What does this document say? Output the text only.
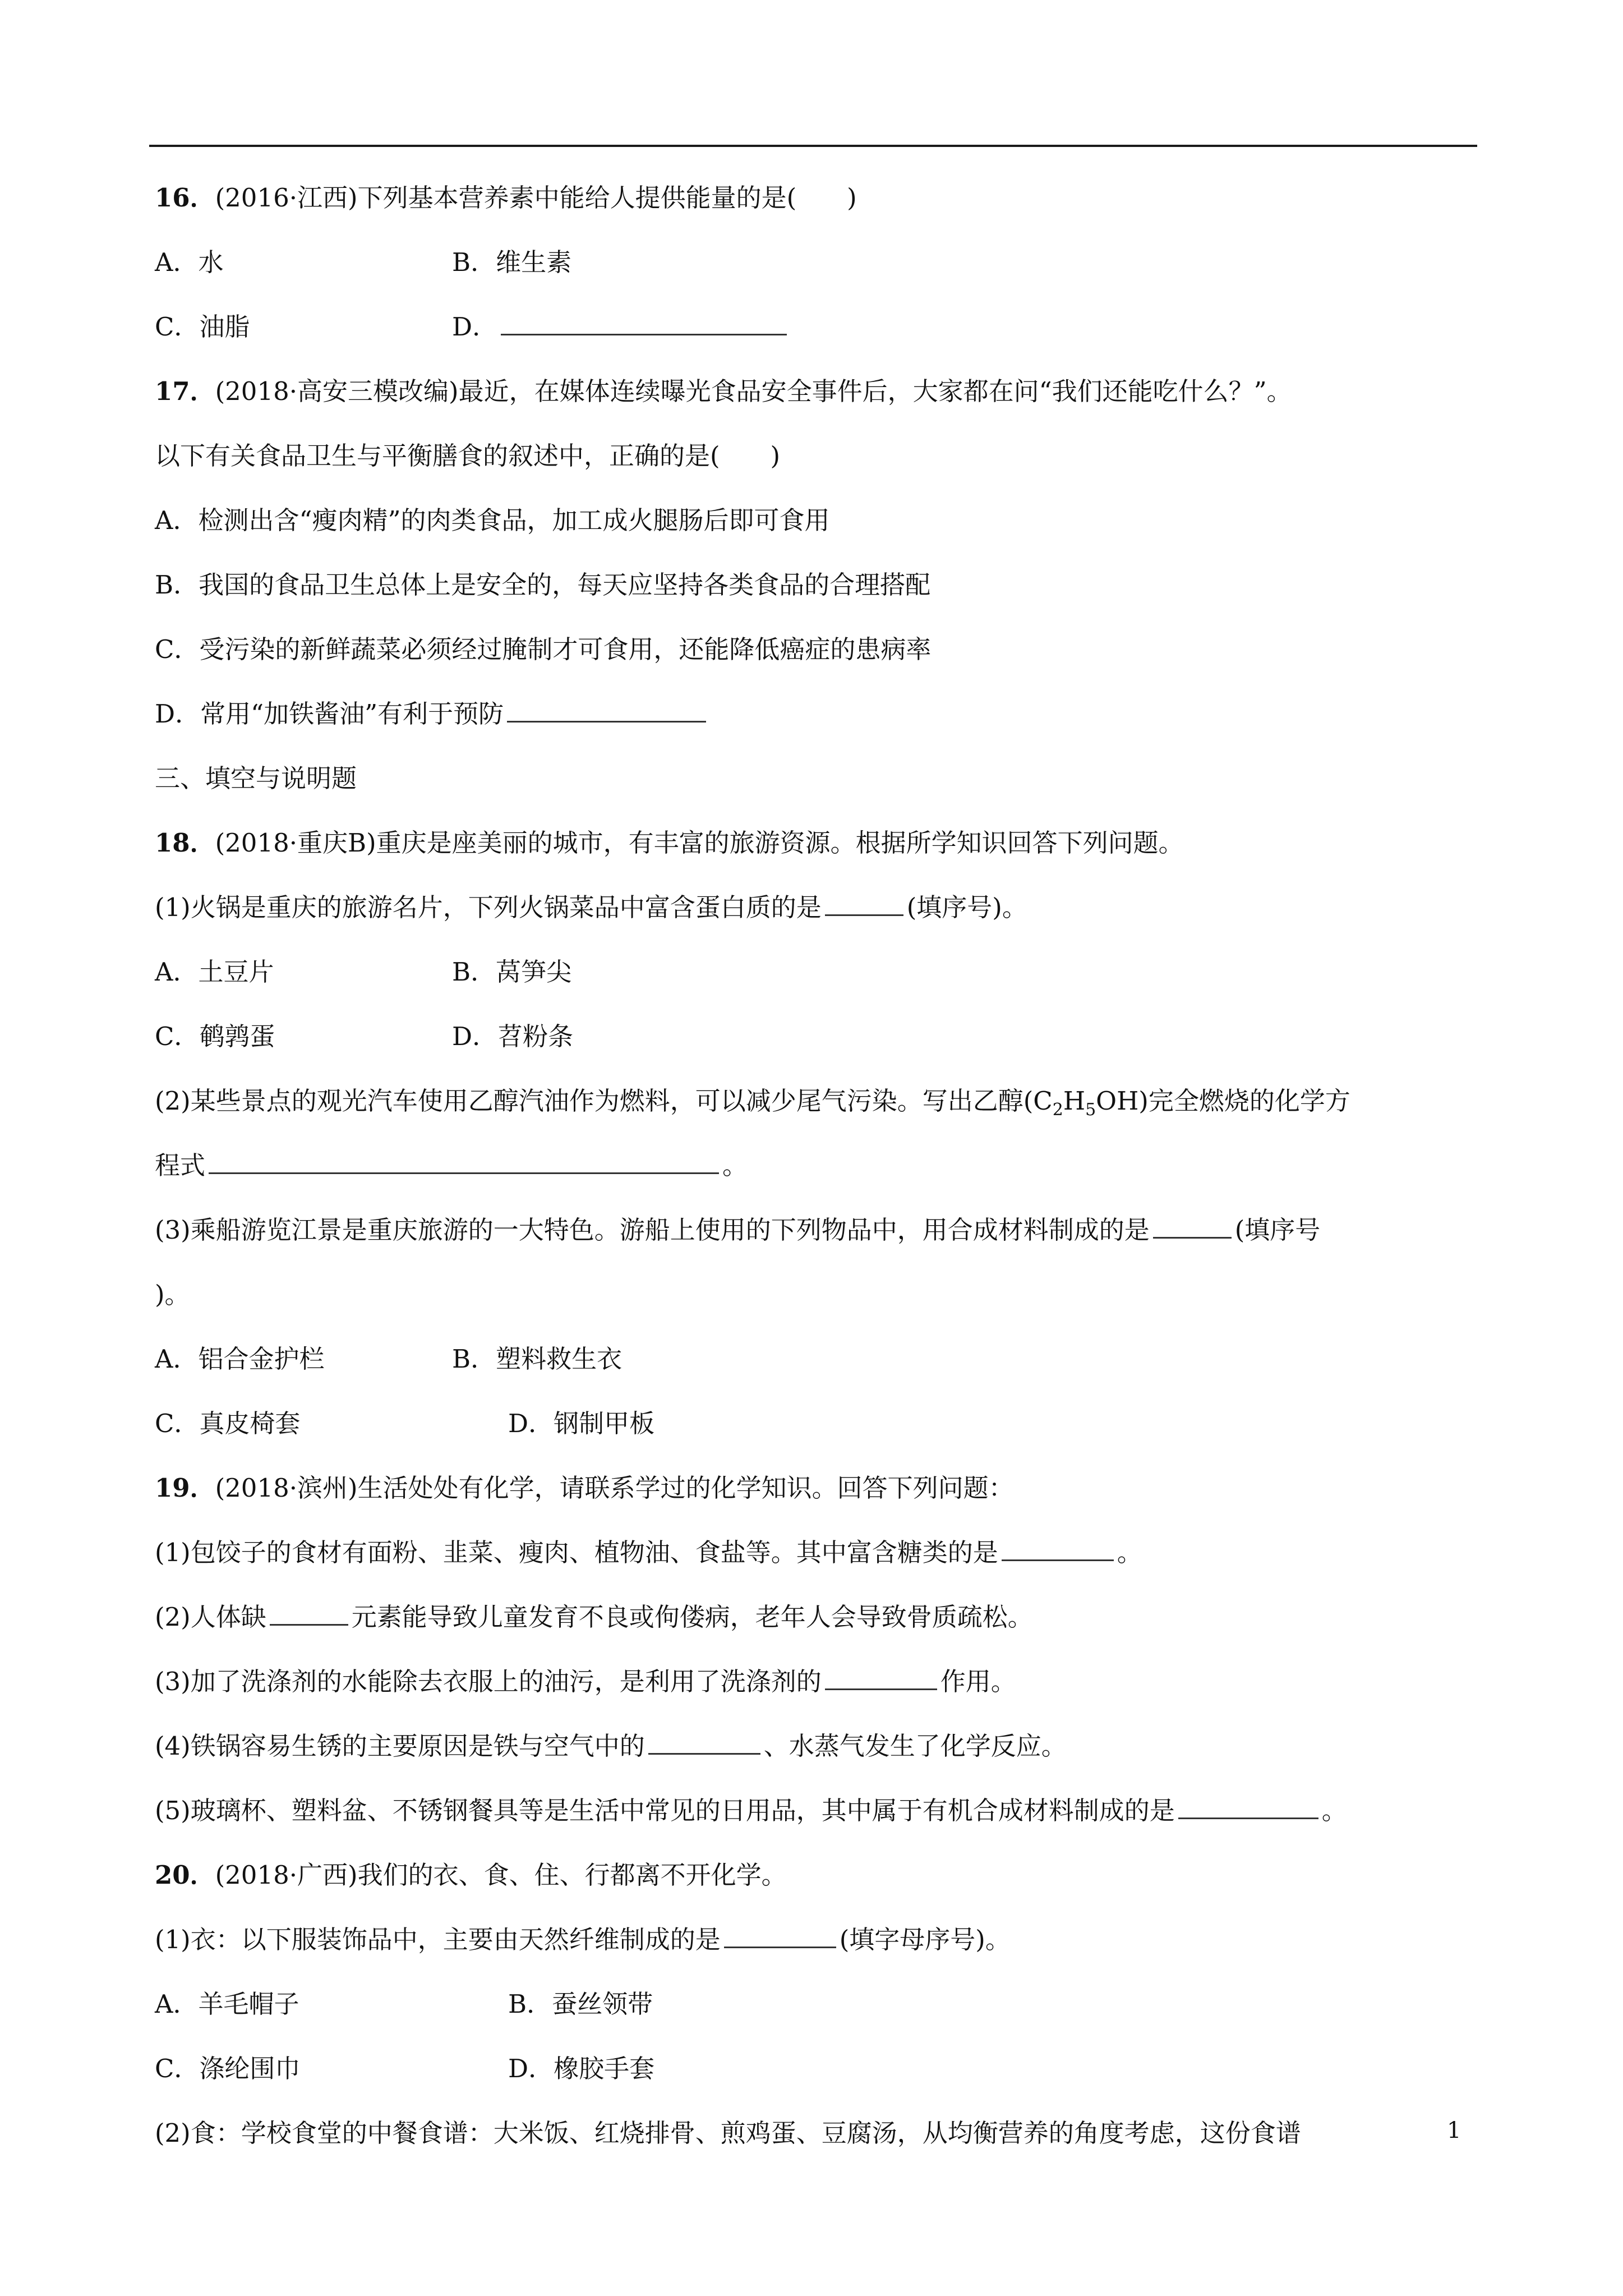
16．(2016·江西)下列基本营养素中能给人提供能量的是(　　)
A．水	B．维生素
C．油脂	D．
17．(2018·高安三模改编)最近，在媒体连续曝光食品安全事件后，大家都在问“我们还能吃什么？”。
以下有关食品卫生与平衡膳食的叙述中，正确的是(　　)
A．检测出含“瘦肉精”的肉类食品，加工成火腿肠后即可食用
B．我国的食品卫生总体上是安全的，每天应坚持各类食品的合理搭配
C．受污染的新鲜蔬菜必须经过腌制才可食用，还能降低癌症的患病率
D．常用“加铁酱油”有利于预防
三、填空与说明题
18．(2018·重庆B)重庆是座美丽的城市，有丰富的旅游资源。根据所学知识回答下列问题。
(1)火锅是重庆的旅游名片，下列火锅菜品中富含蛋白质的是	(填序号)。
A．土豆片	B．莴笋尖
C．鹌鹑蛋	D．苕粉条
(2)某些景点的观光汽车使用乙醇汽油作为燃料，可以减少尾气污染。写出乙醇$(C_2H_5OH)$完全燃烧的化学方
程式	。
(3)乘船游览江景是重庆旅游的一大特色。游船上使用的下列物品中，用合成材料制成的是	(填序号
)。
A．铝合金护栏	B．塑料救生衣
C．真皮椅套	D．钢制甲板
19．(2018·滨州)生活处处有化学，请联系学过的化学知识。回答下列问题：
(1)包饺子的食材有面粉、韭菜、瘦肉、植物油、食盐等。其中富含糖类的是	。
(2)人体缺	元素能导致儿童发育不良或佝偻病，老年人会导致骨质疏松。
(3)加了洗涤剂的水能除去衣服上的油污，是利用了洗涤剂的	作用。
(4)铁锅容易生锈的主要原因是铁与空气中的	、水蒸气发生了化学反应。
(5)玻璃杯、塑料盆、不锈钢餐具等是生活中常见的日用品，其中属于有机合成材料制成的是	。
20．(2018·广西)我们的衣、食、住、行都离不开化学。
(1)衣：以下服装饰品中，主要由天然纤维制成的是	(填字母序号)。
A．羊毛帽子	B．蚕丝领带
C．涤纶围巾	D．橡胶手套
(2)食：学校食堂的中餐食谱：大米饭、红烧排骨、煎鸡蛋、豆腐汤，从均衡营养的角度考虑，这份食谱	1
